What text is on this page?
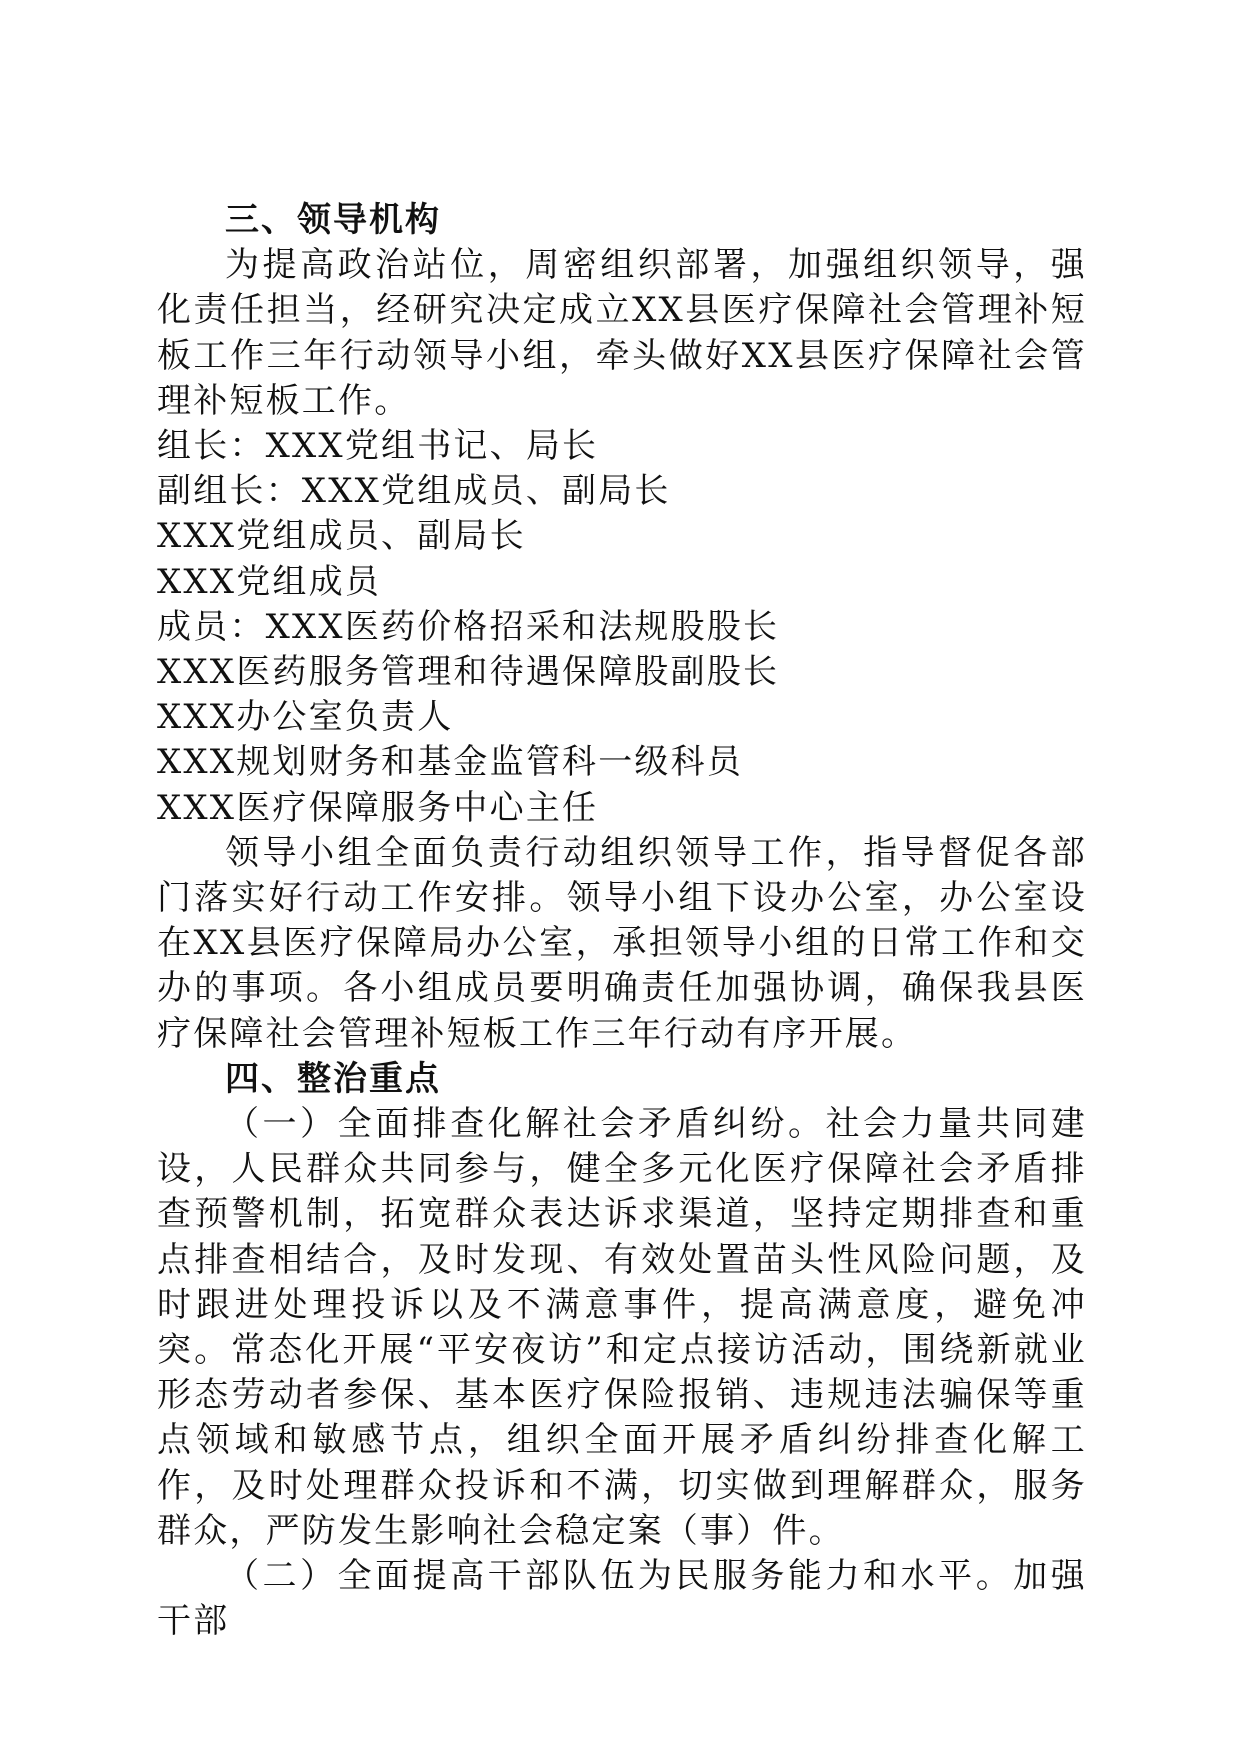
三、领导机构

为提高政治站位，周密组织部署，加强组织领导，强化责任担当，经研究决定成立XX县医疗保障社会管理补短板工作三年行动领导小组，牵头做好XX县医疗保障社会管理补短板工作。

组长：XXX党组书记、局长

副组长：XXX党组成员、副局长

XXX党组成员、副局长

XXX党组成员

成员：XXX医药价格招采和法规股股长

XXX医药服务管理和待遇保障股副股长

XXX办公室负责人

XXX规划财务和基金监管科一级科员

XXX医疗保障服务中心主任

领导小组全面负责行动组织领导工作，指导督促各部门落实好行动工作安排。领导小组下设办公室，办公室设在XX县医疗保障局办公室，承担领导小组的日常工作和交办的事项。各小组成员要明确责任加强协调，确保我县医疗保障社会管理补短板工作三年行动有序开展。

四、整治重点

（一）全面排查化解社会矛盾纠纷。社会力量共同建设，人民群众共同参与，健全多元化医疗保障社会矛盾排查预警机制，拓宽群众表达诉求渠道，坚持定期排查和重点排查相结合，及时发现、有效处置苗头性风险问题，及时跟进处理投诉以及不满意事件，提高满意度，避免冲突。常态化开展“平安夜访”和定点接访活动，围绕新就业形态劳动者参保、基本医疗保险报销、违规违法骗保等重点领域和敏感节点，组织全面开展矛盾纠纷排查化解工作，及时处理群众投诉和不满，切实做到理解群众，服务群众，严防发生影响社会稳定案（事）件。

（二）全面提高干部队伍为民服务能力和水平。加强干部
